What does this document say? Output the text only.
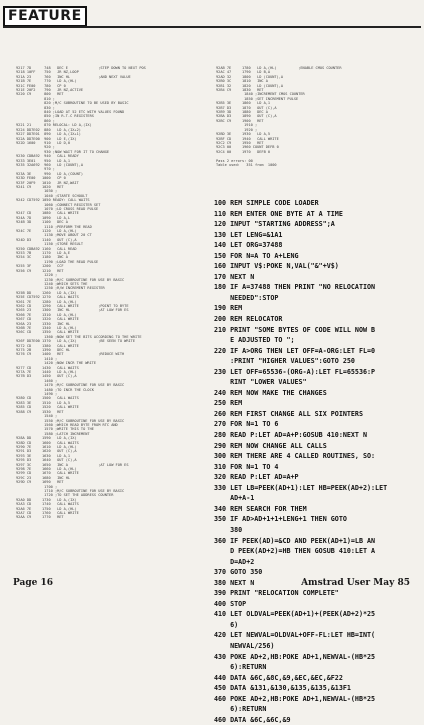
FEATURE
9217 7D      748   DEC E              ;STEP DOWN TO NEXT POS
9218 10FF    750   JR NZ,LOOP
921A 23      760   INC HL             ;AND NEXT VALUE
921B 7E      770   LD A,(HL)
921C FE00    780   CP 0
921E 20F2    790   JR NZ,ACTIVE
9220 C9      800   RET
810 ;
820 ;M/C SUBROUTINE TO BE USED BY BASIC
830 ;
840 ;LOAD AT 52 ETC WITH VALUES FOUND
850 ;IN R-T-C REGISTERS
860 ;
9221 21      870 RELOCAL: LD A,(IX)
9224 DD7E02  880   LD A,(IX+2)
9227 DD7E01  890   LD A,(IX+1)
922A DD7E00  900   LD E,(IX)
922D 1600    910   LD D,0
920 ;
930 ;NOW WAIT FOR IT TO CHANGE
9230 CDBA92  940   CALL READY
9233 3E01    950   LD A,1
9235 32A692  960   LD (COUNT),A
970 ;
923A 3E      990   LD A,(COUNT)
923D FE00   1000   CP 0
923F 20F9   1010   JR NZ,WAIT
9241 C9     1020   RET
1030 ;
1040 ;STARTE SCHOOLT
9242 CD7592 1050 READY: CALL WAITS
1060 ;CONNECT REGISTER SET
1070 ;LD CROSS READ PULSE
9247 CD     1080   CALL WRITE
924A 7D     1090   LD A,L
924B 3D     1100   DEC A
1110 ;PERFORM THE READ
924C 7E     1120   LD A,(HL)
1130 ;MOVE ABOUT 20 CT
924D D3     1140   OUT (C),A
1150 ;STORE RESULT
9250 CDBA92 1160   CALL READ
9253 7B     1170   LD A,E
9254 3C     1180   INC A
1190 ;LOAD THE READ PULSE
9255 3F     1200   CCF
9256 C9     1210   RET
1220 ;
1230 ;M/C SUBROUTINE FOR USE BY BASIC
1240 ;WHICH SETS THE
1250 ;R/W INCREMENT REGISTER
925B DD     1260   LD A,(IX)
925E CD7592 1270   CALL WAITS
9261 7E     1280   LD A,(HL)
9262 CD     1290   CALL WRITE         ;POINT TO BYTE
9265 23     1300   INC HL             ;AT LOW FOR ES
9266 7E     1310   LD A,(HL)
9267 CD     1320   CALL WRITE
926A 23     1330   INC HL
926B 7E     1340   LD A,(HL)
926C CD     1350   CALL WRITE
1360 ;NOW SET THE BITS ACCORDING TO THE WRITE
926F DD7E00 1370   LD A,(IX)          ;BE SEEN TO WRITE
9272 CD     1380   CALL WRITE
9275 2B     1390   DEC HL
9276 C9     1400   RET                ;REDUCE WITH
1410 ;
1420 ;NOW INCR THE WRITE
9277 CD     1430   CALL WAITS
927A 7E     1440   LD A,(HL)
927B D3     1450   OUT (C),A
1460 ;
1470 ;M/C SUBROUTINE FOR USE BY BASIC
1480 ;TO INCR THE CLOCK
1490 ;
9280 CD     1500   CALL WAITS
9283 3E     1510   LD A,5
9285 CD     1520   CALL WRITE
9288 C9     1530   RET
1540 ;
1550 ;M/C SUBROUTINE FOR USE BY BASIC
1560 ;WHICH READ BYTE FROM RTC AND
1570 ;WRITE THIS TO THE
1580 ;LATCH INCREMENT
928A DD     1590   LD A,(IX)
928D CD     1600   CALL WAITS
9290 7E     1610   LD A,(HL)
9291 D3     1620   OUT (C),A
9293 3E     1630   LD A,1
9295 D3     1640   OUT (C),A
9297 3C     1650   INC A              ;AT LOW FOR ES
9298 7E     1660   LD A,(HL)
9299 CD     1670   CALL WRITE
929C 23     1680   INC HL
929D C9     1690   RET
1700 ;
1710 ;M/C SUBROUTINE FOR USE BY BASIC
1720 ;TO SET THE ADDRESS COUNTER
92A0 DD     1730   LD A,(IX)
92A3 CD     1740   CALL WAITS
92A6 7E     1750   LD A,(HL)
92A7 CD     1760   CALL WRITE
92AA C9     1770   RET
92AB 7E     1780   LD A,(HL)          ;ENABLE CMOS COUNTER
92AC 47     1790   LD B,A
92AD 32     1800   LD (COUNT),A
92B0 3C     1810   INC A
92B1 32     1820   LD (COUNT),A
92B4 C9     1830   RET
1840 ;INCREMENT CMOS COUNTER
1850 ;SET INCREMENT PULSE
92B5 3E     1860   LD A,1
92B7 D3     1870   OUT (C),A
92B9 3D     1880   DEC A
92BA D3     1890   OUT (C),A
92BC C9     1900   RET
1910 ;
1920 ;
92BD 3E     1930   LD A,5
92BF CD     1940   CALL WRITE
92C2 C9     1950   RET
92C3 00     1960 COUNT DEFB 0
92C4 00     1970   DEFB 0

Pass 2 errors: 00
Table used:   351 from  1000
100 REM SIMPLE CODE LOADER
110 REM ENTER ONE BYTE AT A TIME
120 INPUT "STARTING ADDRESS";A
130 LET LENG=&1A1
140 LET ORG=37488
150 FOR N=A TO A+LENG
160 INPUT V$:POKE N,VAL("&"+V$)
170 NEXT N
180 IF A=37488 THEN PRINT "NO RELOCATION
NEEDED":STOP
190 REM
200 REM RELOCATOR
210 PRINT "SOME BYTES OF CODE WILL NOW B
E ADJUSTED TO ";
220 IF A>ORG THEN LET OFF=A-ORG:LET FL=0
:PRINT "HIGHER VALUES":GOTO 250
230 LET OFF=65536-(ORG-A):LET FL=65536:P
RINT "LOWER VALUES"
240 REM NOW MAKE THE CHANGES
250 REM
260 REM FIRST CHANGE ALL SIX POINTERS
270 FOR N=1 TO 6
280 READ P:LET AD=A+P:GOSUB 410:NEXT N
290 REM NOW CHANGE ALL CALLS
300 REM THERE ARE 4 CALLED ROUTINES, SO:
310 FOR N=1 TO 4
320 READ P:LET AD=A+P
330 LET LB=PEEK(AD+1):LET HB=PEEK(AD+2):LET
AD+A-1
340 REM SEARCH FOR THEM
350 IF AD>AD+1+1+LENG+1 THEN GOTO
380
360 IF PEEK(AD)=&CD AND PEEK(AD+1)=LB AN
D PEEK(AD+2)=HB THEN GOSUB 410:LET A
D=AD+2
370 GOTO 350
380 NEXT N
390 PRINT "RELOCATION COMPLETE"
400 STOP
410 LET OLDVAL=PEEK(AD+1)+(PEEK(AD+2)*25
6)
420 LET NEWVAL=OLDVAL+OFF-FL:LET HB=INT(
NEWVAL/256)
430 POKE AD+2,HB:POKE AD+1,NEWVAL-(HB*25
6):RETURN
440 DATA &6C,&8C,&9,&EC,&EC,&F22
450 DATA &131,&130,&135,&135,&13F1
460 POKE AD+2,HB:POKE AD+1,NEWVAL-(HB*25
6):RETURN
460 DATA &6C,&6C,&9
Page 16	Amstrad User May 85
